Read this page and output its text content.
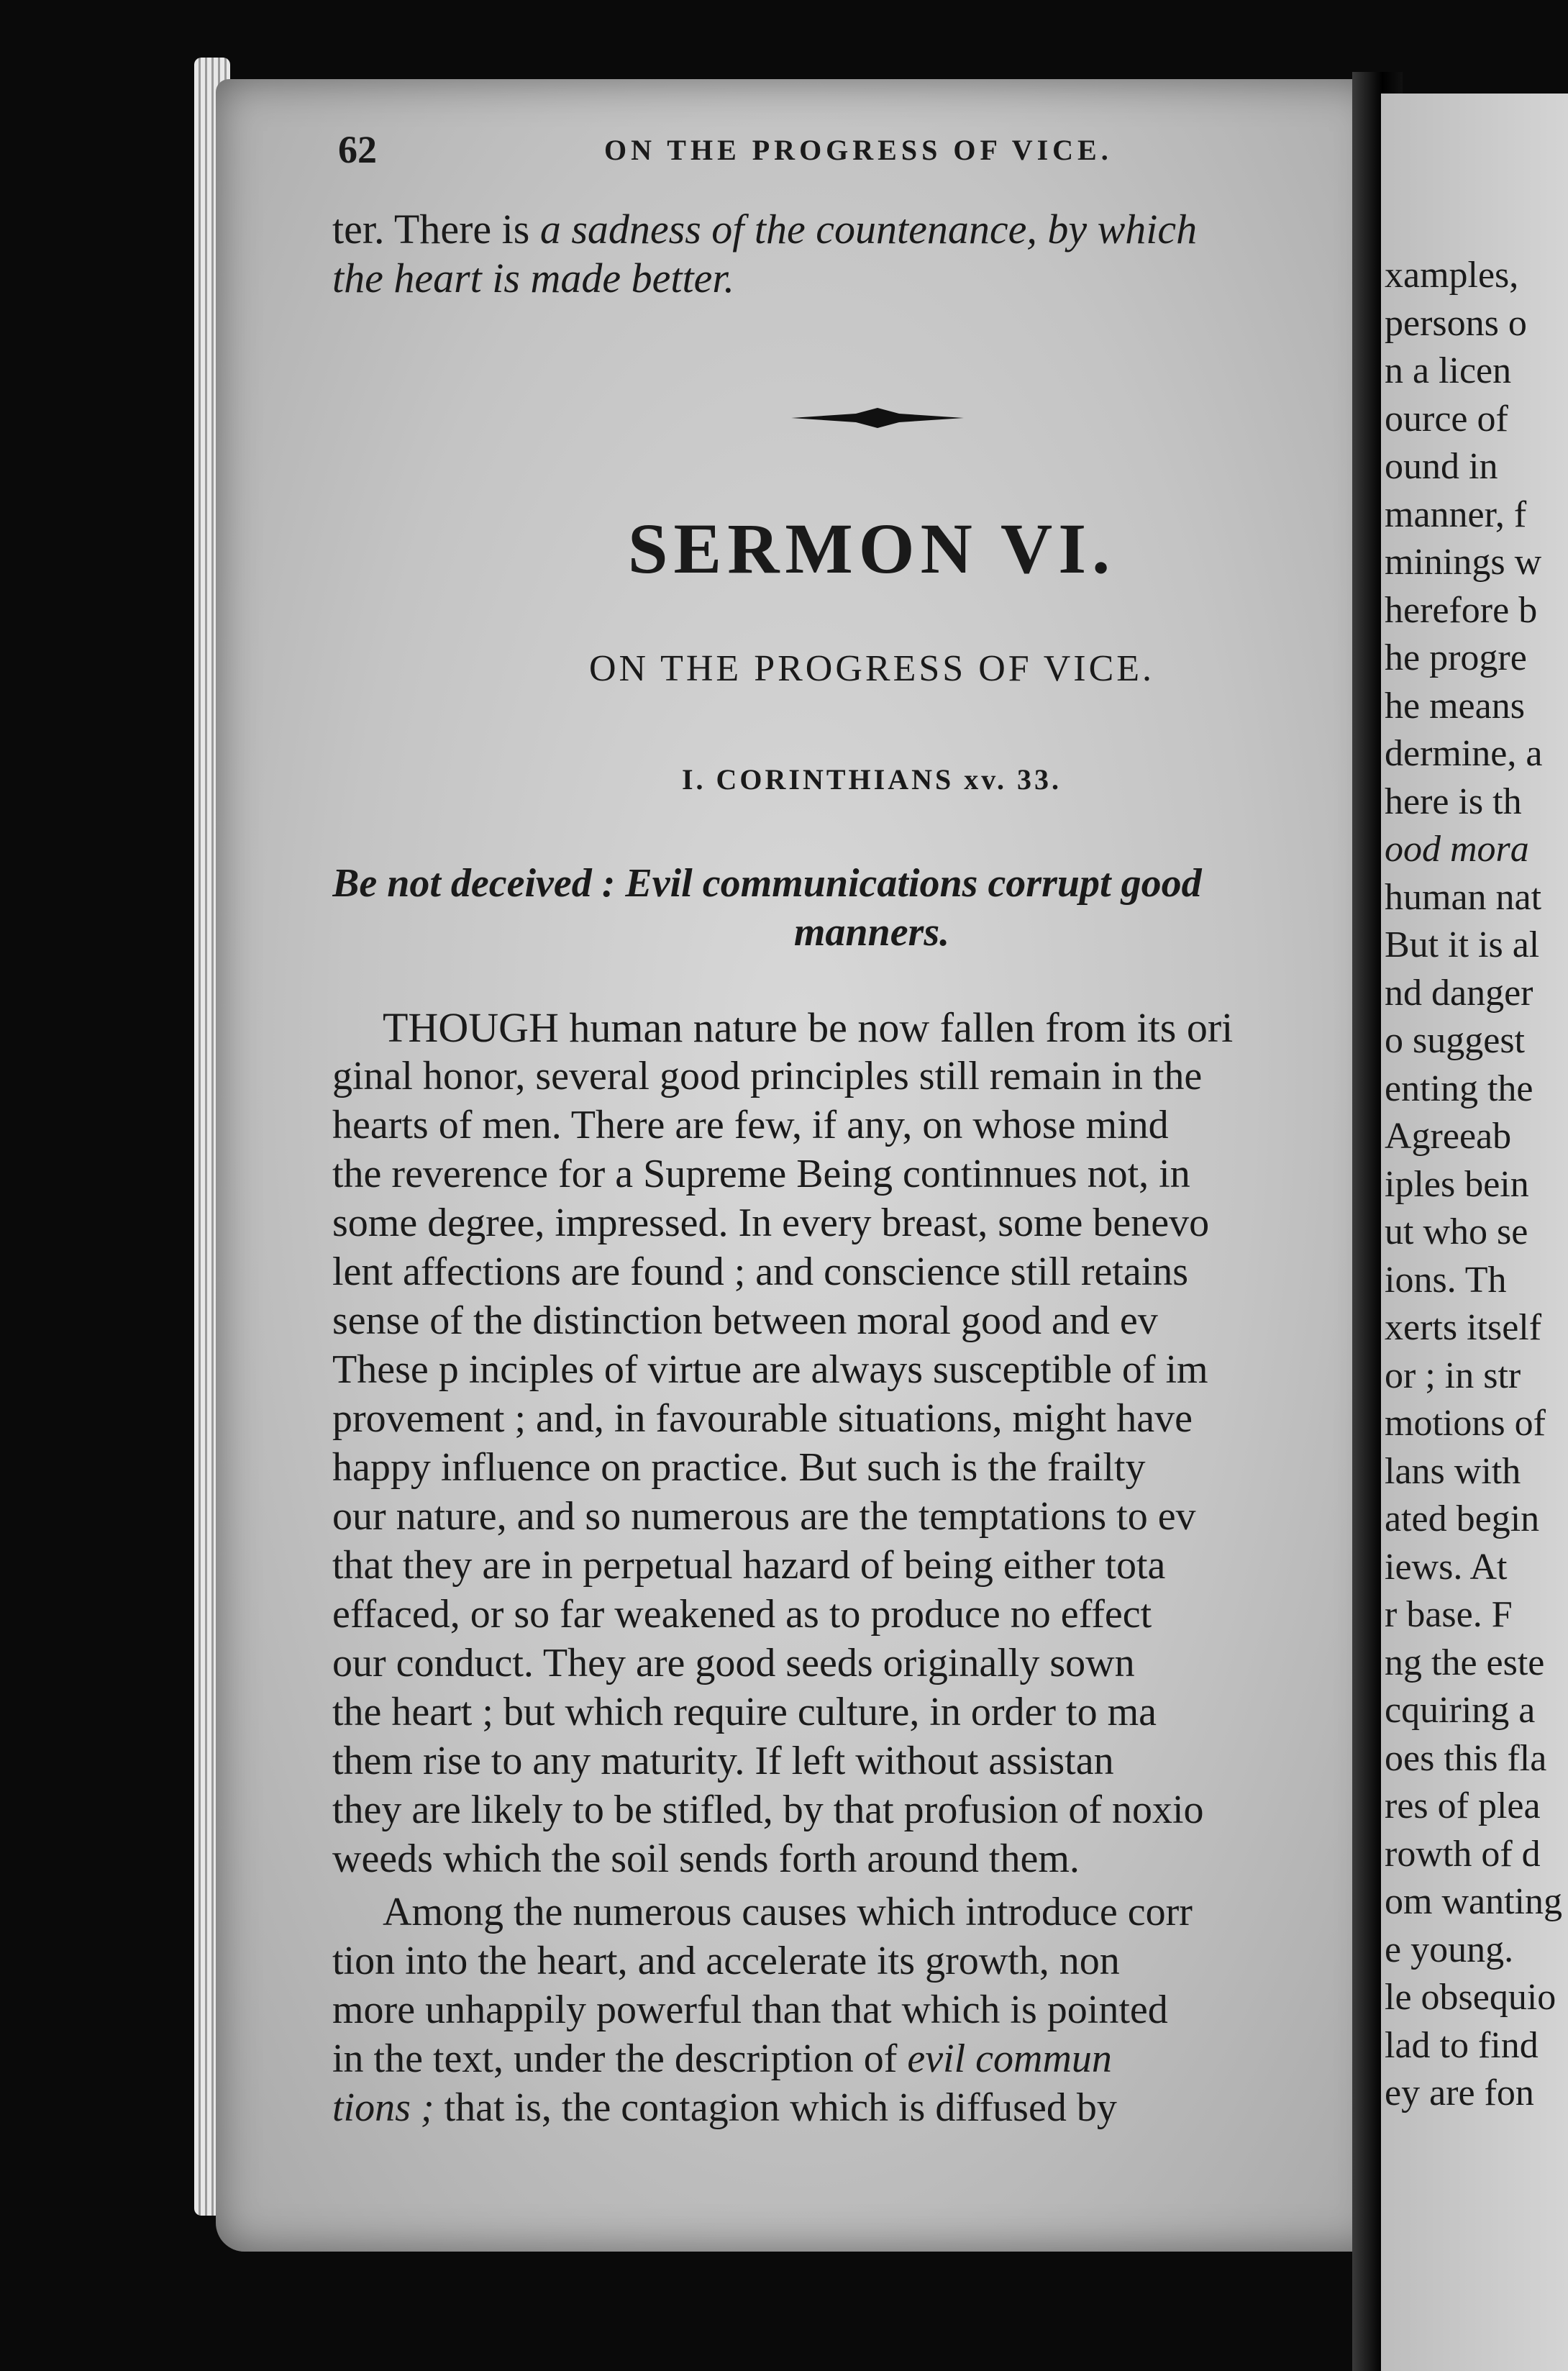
62	ON THE PROGRESS OF VICE.
ter. There is a sadness of the countenance, by which
the heart is made better.
SERMON VI.
ON THE PROGRESS OF VICE.
I. CORINTHIANS xv. 33.
Be not deceived : Evil communications corrupt good
manners.
THOUGH human nature be now fallen from its ori
ginal honor, several good principles still remain in the
hearts of men. There are few, if any, on whose mind
the reverence for a Supreme Being continnues not, in
some degree, impressed. In every breast, some benevo
lent affections are found ; and conscience still retains
sense of the distinction between moral good and ev
These p inciples of virtue are always susceptible of im
provement ; and, in favourable situations, might have
happy influence on practice. But such is the frailty
our nature, and so numerous are the temptations to ev
that they are in perpetual hazard of being either tota
effaced, or so far weakened as to produce no effect
our conduct. They are good seeds originally sown
the heart ; but which require culture, in order to ma
them rise to any maturity. If left without assistan
they are likely to be stifled, by that profusion of noxio
weeds which the soil sends forth around them.
Among the numerous causes which introduce corr
tion into the heart, and accelerate its growth, non
more unhappily powerful than that which is pointed
in the text, under the description of evil commun
tions ; that is, the contagion which is diffused by
xamples,
persons o
n a licen
ource of
ound in
manner, f
minings w
herefore b
he progre
he means
dermine, a
here is th
ood mora
human nat
But it is al
nd danger
o suggest
enting the
Agreeab
iples bein
ut who se
ions. Th
xerts itself
or ; in str
motions of
lans with
ated begin
iews. At
r base. F
ng the este
cquiring a
oes this fla
res of plea
rowth of d
om wanting
e young.
le obsequio
lad to find
ey are fon
